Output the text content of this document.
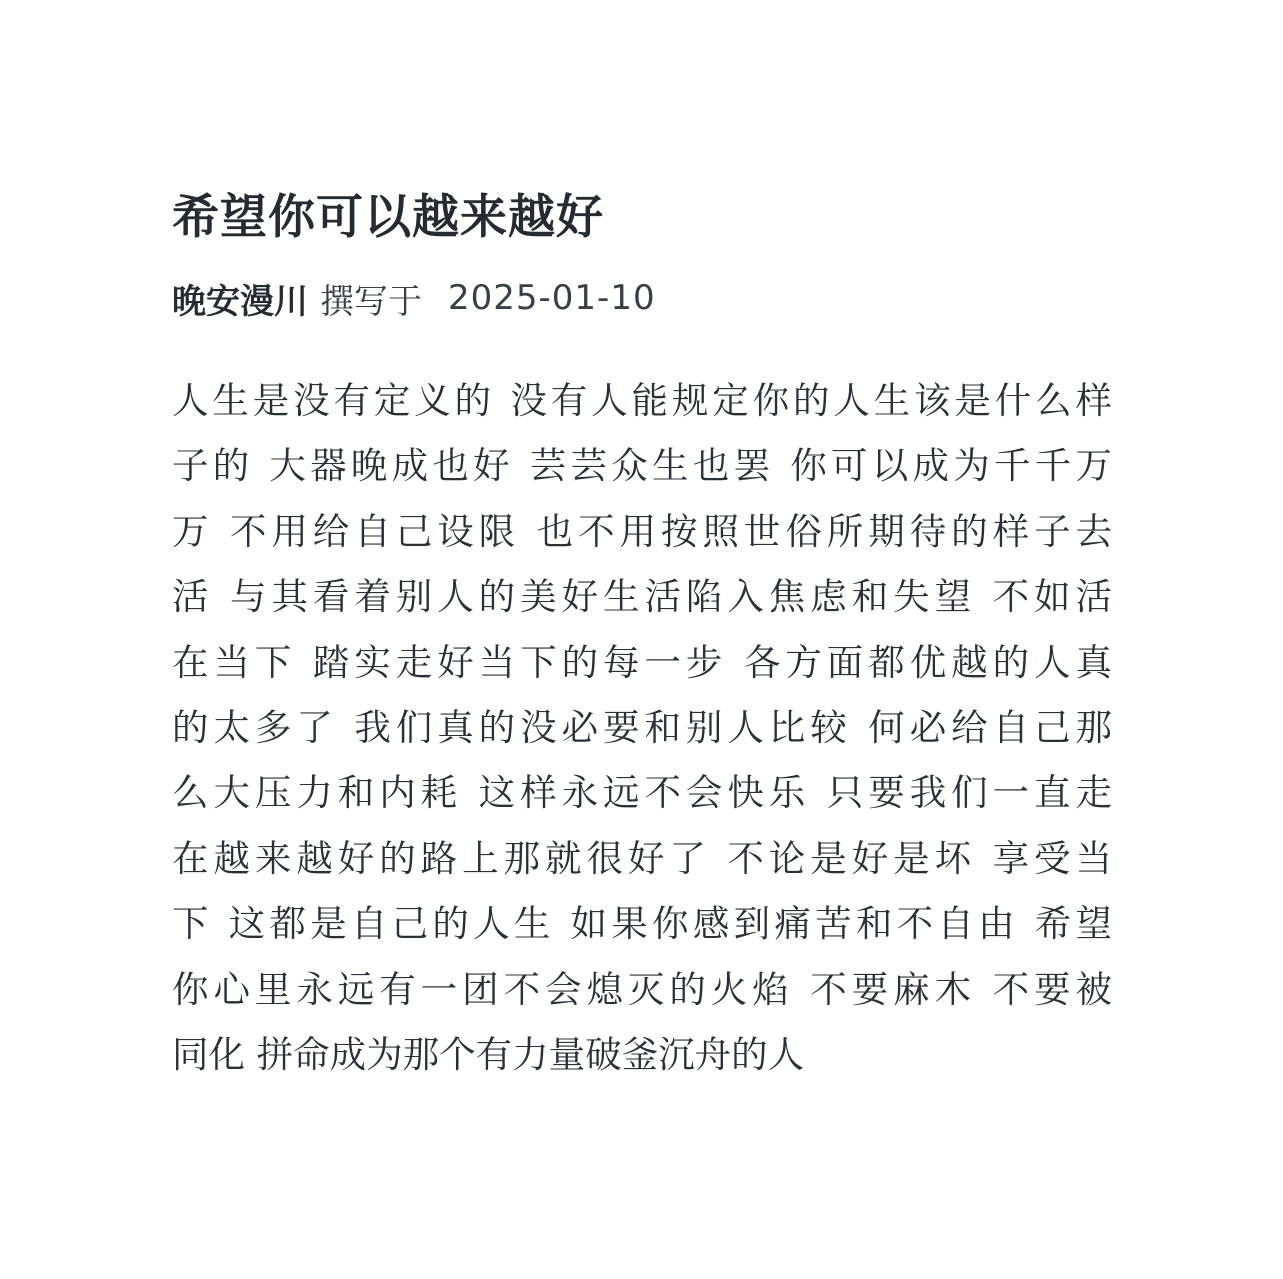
希望你可以越来越好
晚安漫川 撰写于 2025-01-10
人生是没有定义的 没有人能规定你的人生该是什么样
子的 大器晚成也好 芸芸众生也罢 你可以成为千千万
万 不用给自己设限 也不用按照世俗所期待的样子去
活 与其看着别人的美好生活陷入焦虑和失望 不如活
在当下 踏实走好当下的每一步 各方面都优越的人真
的太多了 我们真的没必要和别人比较 何必给自己那
么大压力和内耗 这样永远不会快乐 只要我们一直走
在越来越好的路上那就很好了 不论是好是坏 享受当
下 这都是自己的人生 如果你感到痛苦和不自由 希望
你心里永远有一团不会熄灭的火焰 不要麻木 不要被
同化 拼命成为那个有力量破釜沉舟的人
